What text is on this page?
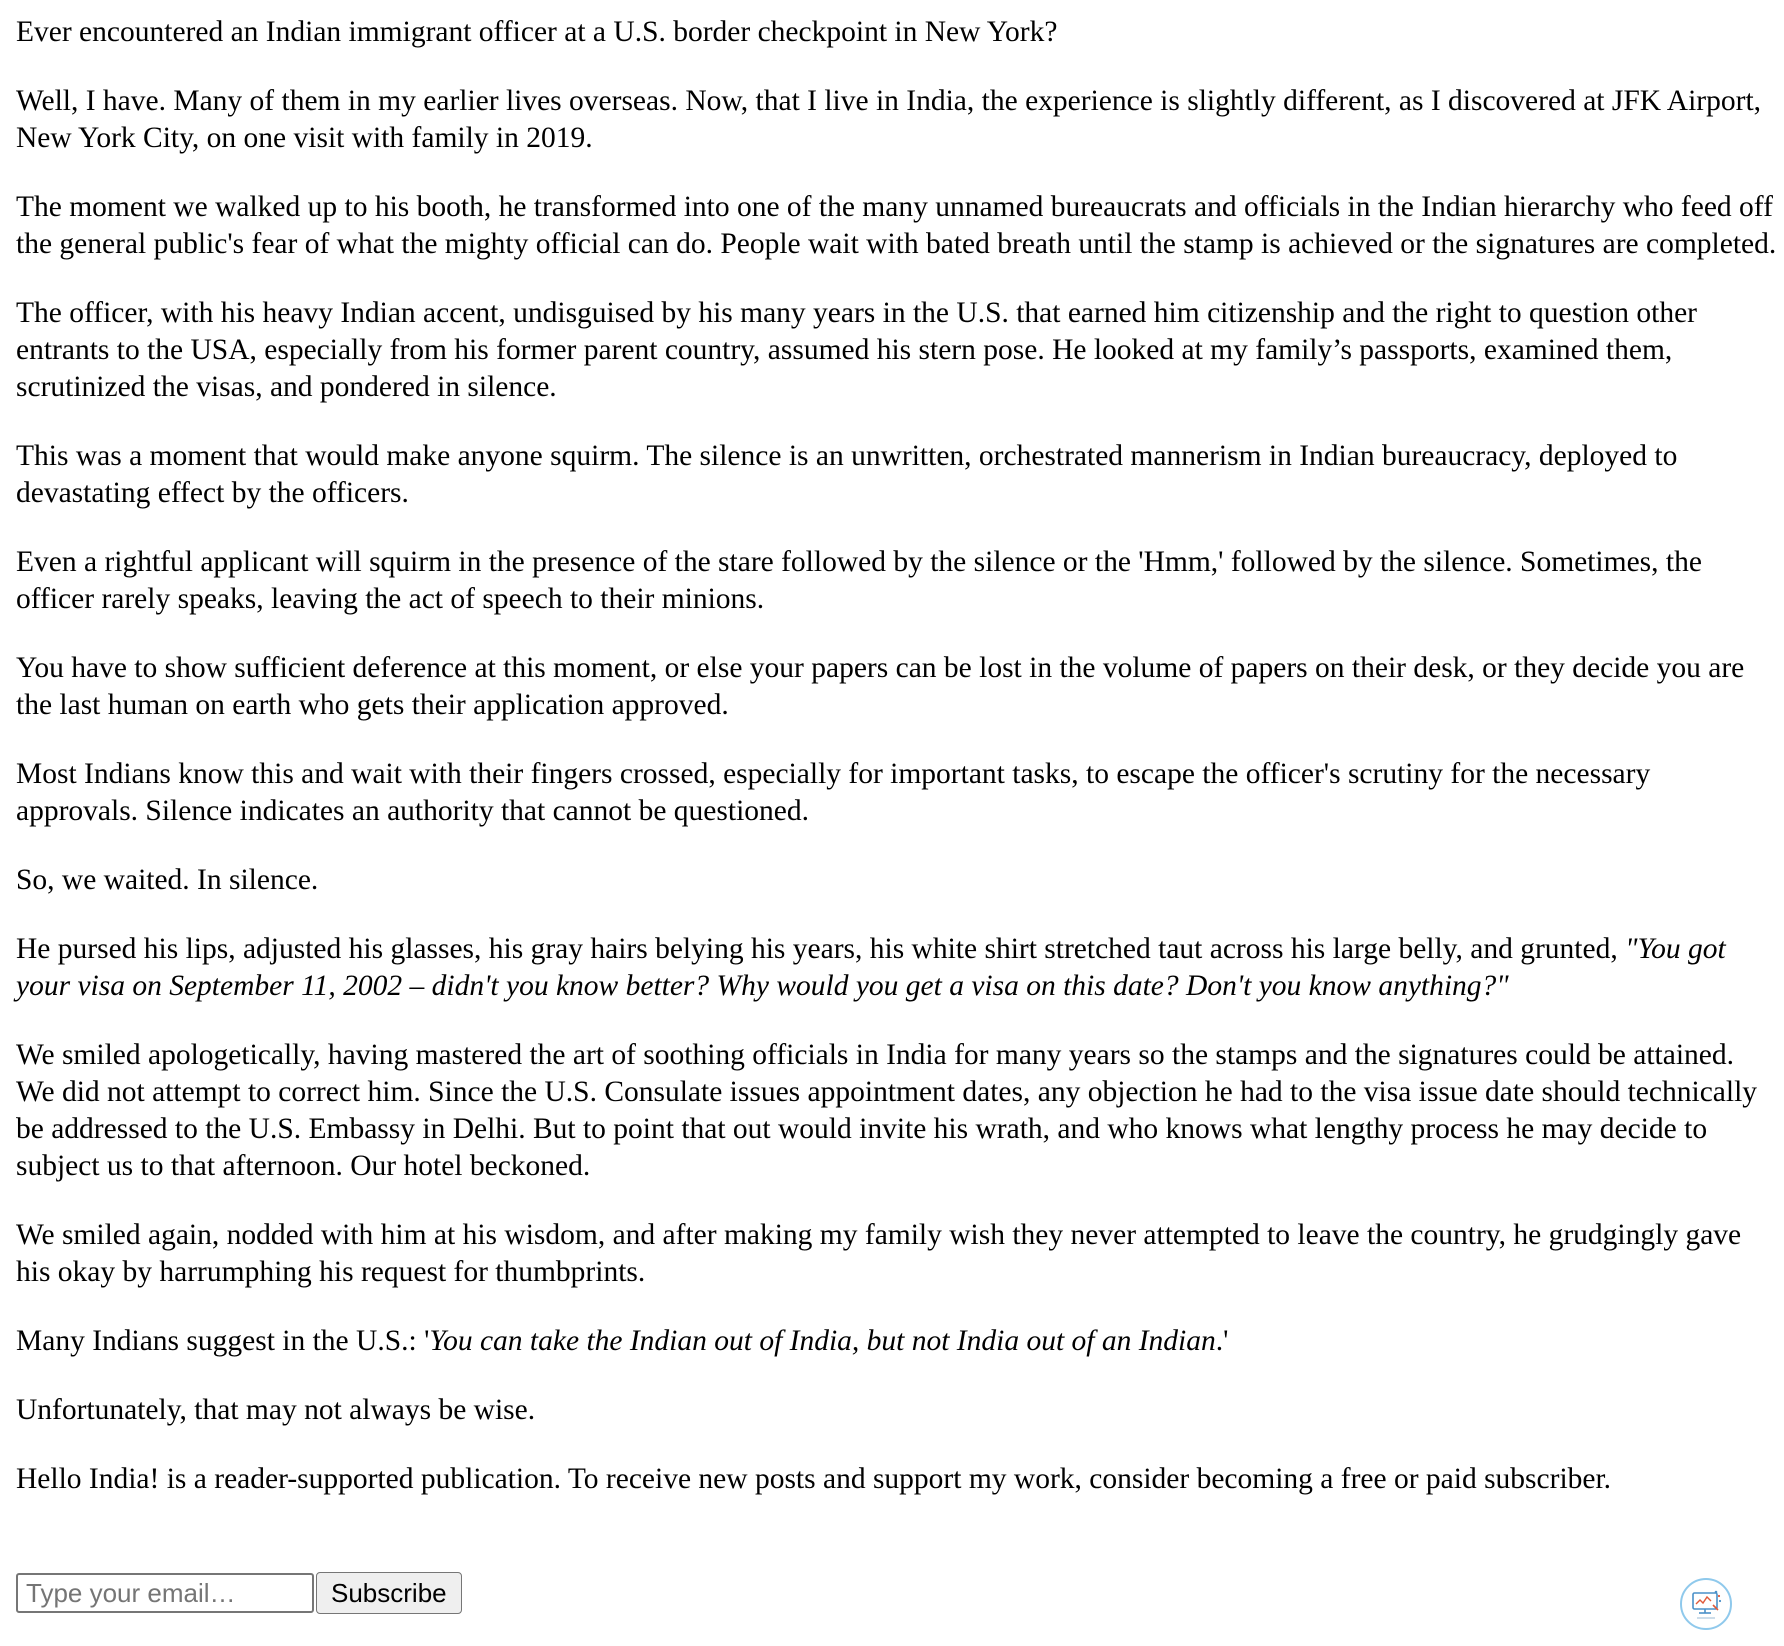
Ever encountered an Indian immigrant officer at a U.S. border checkpoint in New York?

Well, I have. Many of them in my earlier lives overseas. Now, that I live in India, the experience is slightly different, as I discovered at JFK Airport, New York City, on one visit with family in 2019.

The moment we walked up to his booth, he transformed into one of the many unnamed bureaucrats and officials in the Indian hierarchy who feed off the general public's fear of what the mighty official can do. People wait with bated breath until the stamp is achieved or the signatures are completed.

The officer, with his heavy Indian accent, undisguised by his many years in the U.S. that earned him citizenship and the right to question other entrants to the USA, especially from his former parent country, assumed his stern pose. He looked at my family’s passports, examined them, scrutinized the visas, and pondered in silence.

This was a moment that would make anyone squirm. The silence is an unwritten, orchestrated mannerism in Indian bureaucracy, deployed to devastating effect by the officers.

Even a rightful applicant will squirm in the presence of the stare followed by the silence or the 'Hmm,' followed by the silence. Sometimes, the officer rarely speaks, leaving the act of speech to their minions.

You have to show sufficient deference at this moment, or else your papers can be lost in the volume of papers on their desk, or they decide you are the last human on earth who gets their application approved.

Most Indians know this and wait with their fingers crossed, especially for important tasks, to escape the officer's scrutiny for the necessary approvals. Silence indicates an authority that cannot be questioned.

So, we waited. In silence.

He pursed his lips, adjusted his glasses, his gray hairs belying his years, his white shirt stretched taut across his large belly, and grunted, "You got your visa on September 11, 2002 – didn't you know better? Why would you get a visa on this date? Don't you know anything?"

We smiled apologetically, having mastered the art of soothing officials in India for many years so the stamps and the signatures could be attained. We did not attempt to correct him. Since the U.S. Consulate issues appointment dates, any objection he had to the visa issue date should technically be addressed to the U.S. Embassy in Delhi. But to point that out would invite his wrath, and who knows what lengthy process he may decide to subject us to that afternoon. Our hotel beckoned.

We smiled again, nodded with him at his wisdom, and after making my family wish they never attempted to leave the country, he grudgingly gave his okay by harrumphing his request for thumbprints.

Many Indians suggest in the U.S.: 'You can take the Indian out of India, but not India out of an Indian.'

Unfortunately, that may not always be wise.

Hello India! is a reader-supported publication. To receive new posts and support my work, consider becoming a free or paid subscriber.

Type your email…
Subscribe
